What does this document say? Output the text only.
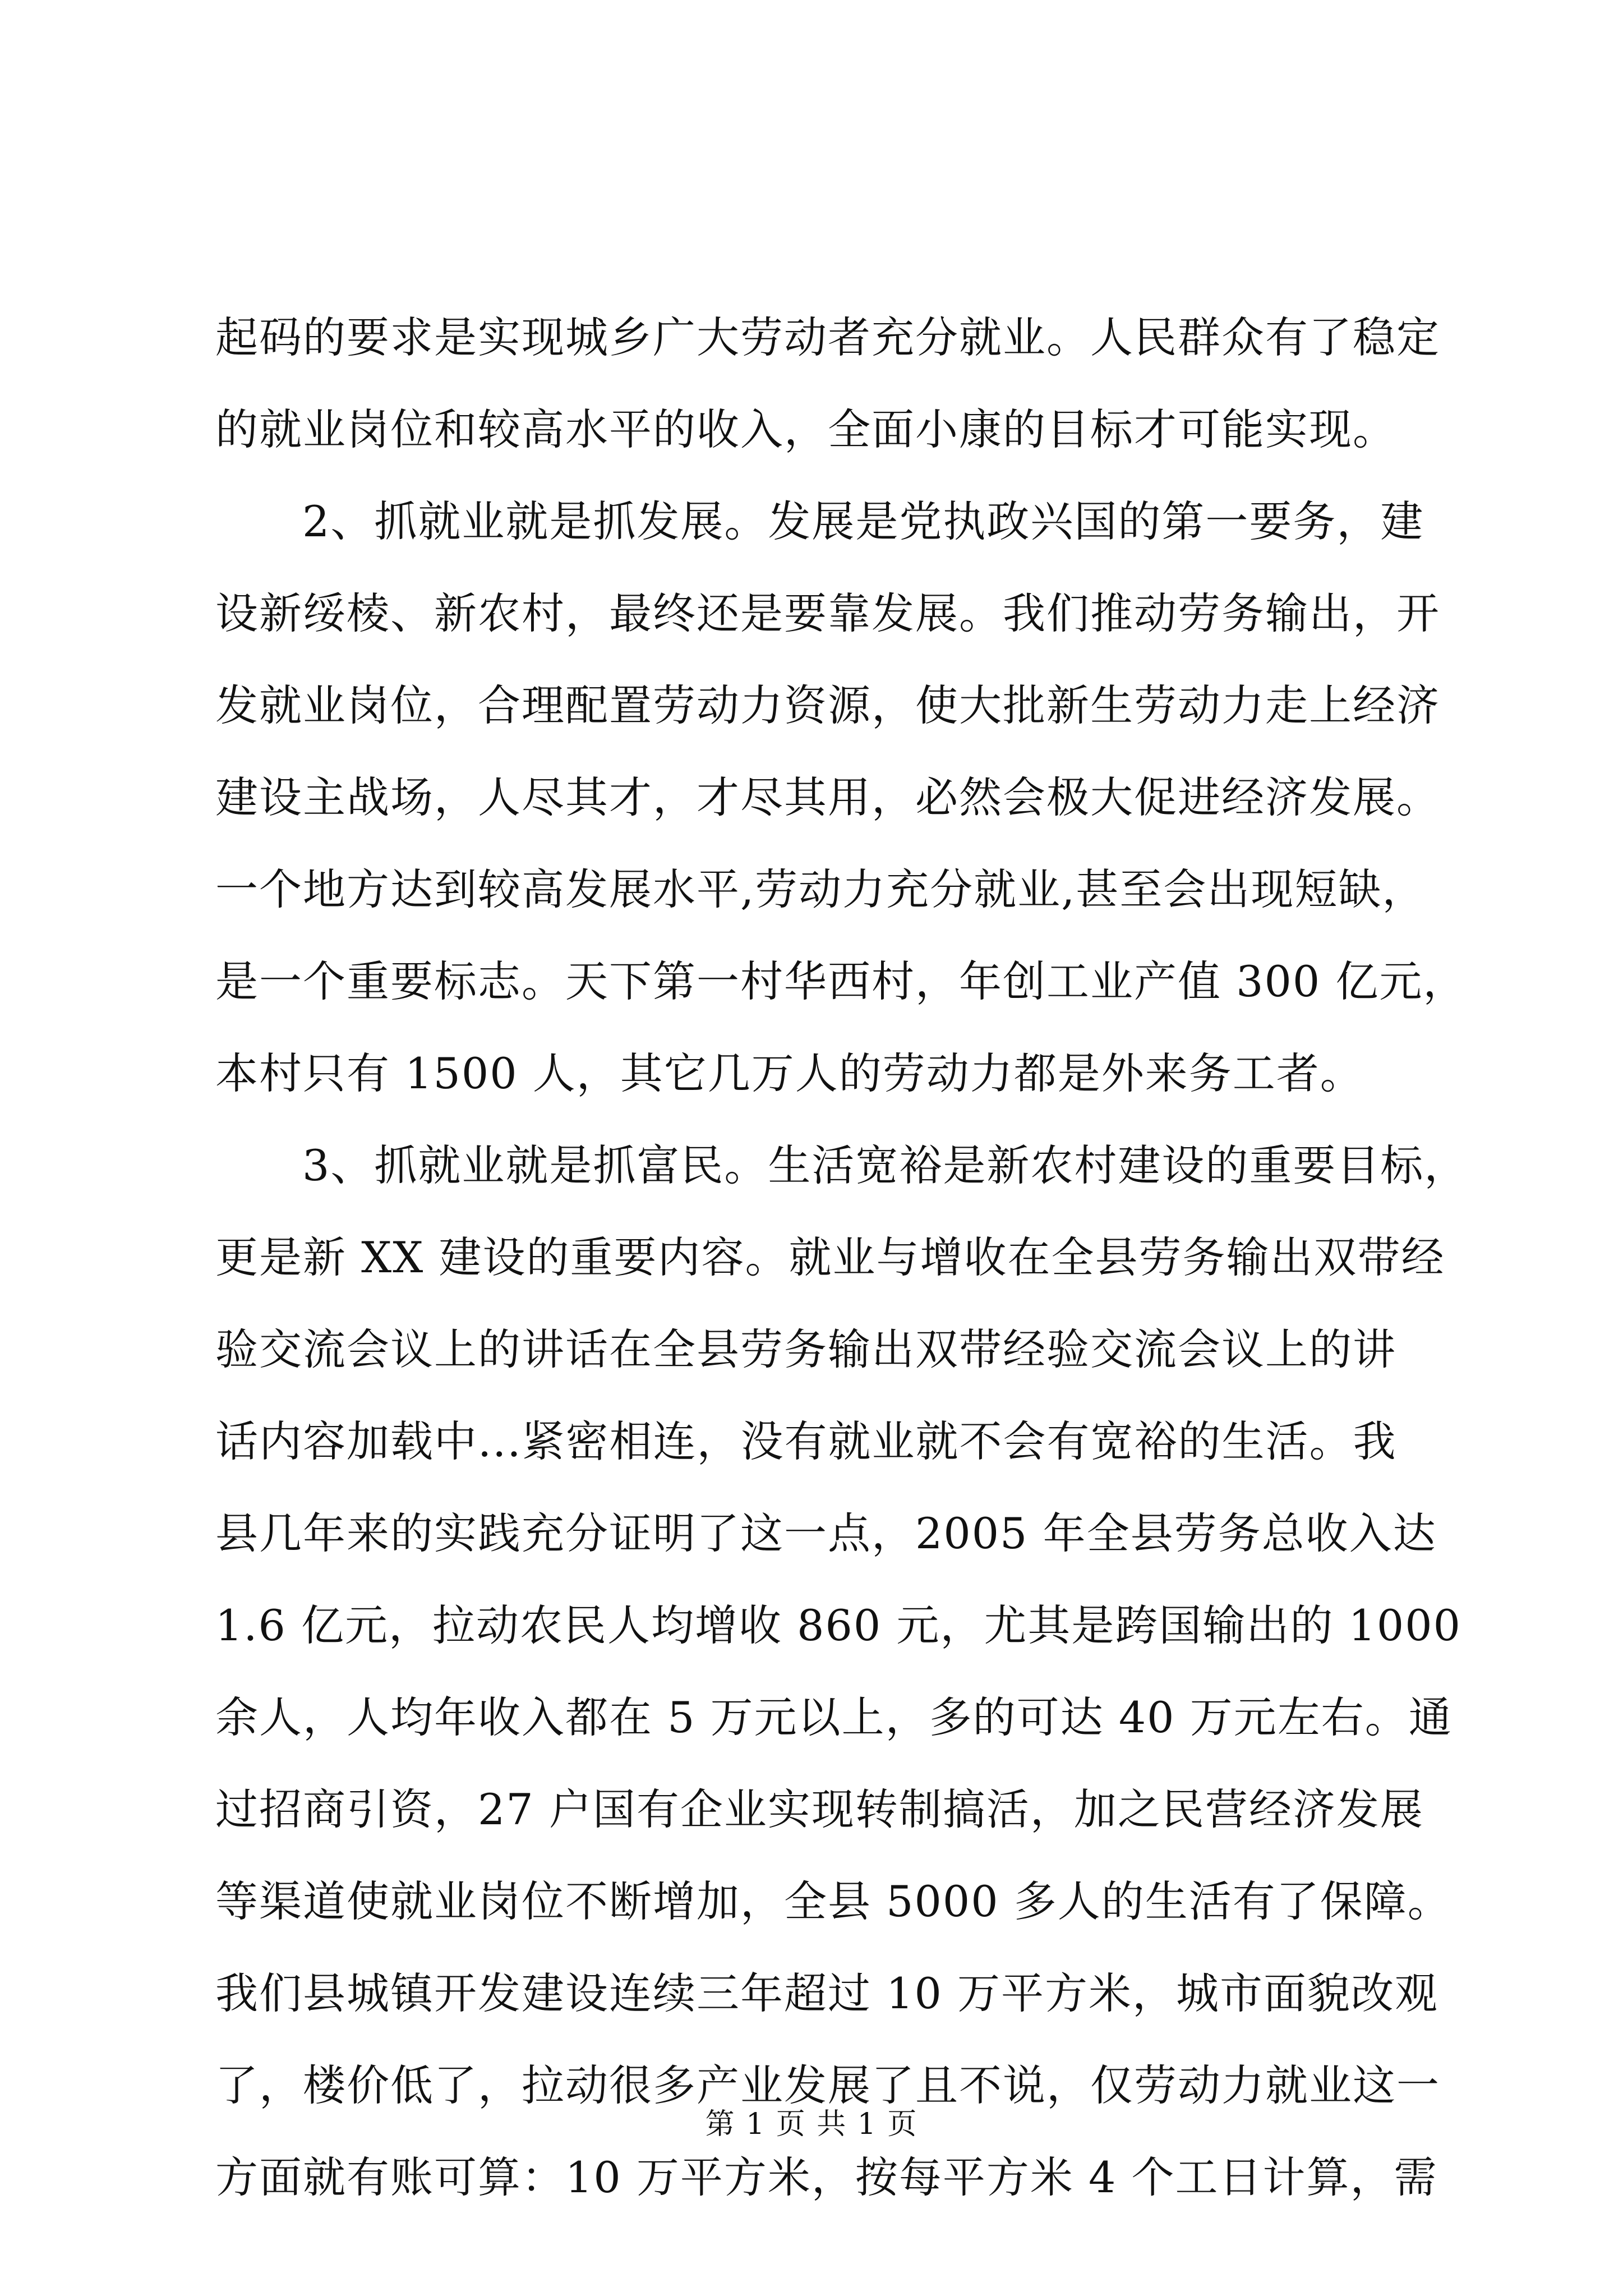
起码的要求是实现城乡广大劳动者充分就业。人民群众有了稳定
的就业岗位和较高水平的收入，全面小康的目标才可能实现。
2、抓就业就是抓发展。发展是党执政兴国的第一要务，建
设新绥棱、新农村，最终还是要靠发展。我们推动劳务输出，开
发就业岗位，合理配置劳动力资源，使大批新生劳动力走上经济
建设主战场，人尽其才，才尽其用，必然会极大促进经济发展。
一个地方达到较高发展水平,劳动力充分就业,甚至会出现短缺，
是一个重要标志。天下第一村华西村，年创工业产值 300 亿元，
本村只有 1500 人，其它几万人的劳动力都是外来务工者。
3、抓就业就是抓富民。生活宽裕是新农村建设的重要目标，
更是新 XX 建设的重要内容。就业与增收在全县劳务输出双带经
验交流会议上的讲话在全县劳务输出双带经验交流会议上的讲
话内容加载中...紧密相连，没有就业就不会有宽裕的生活。我
县几年来的实践充分证明了这一点，2005 年全县劳务总收入达
1.6 亿元，拉动农民人均增收 860 元，尤其是跨国输出的 1000
余人，人均年收入都在 5 万元以上，多的可达 40 万元左右。通
过招商引资，27 户国有企业实现转制搞活，加之民营经济发展
等渠道使就业岗位不断增加，全县 5000 多人的生活有了保障。
我们县城镇开发建设连续三年超过 10 万平方米，城市面貌改观
了，楼价低了，拉动很多产业发展了且不说，仅劳动力就业这一
方面就有账可算：10 万平方米，按每平方米 4 个工日计算，需
第 1 页 共 1 页
